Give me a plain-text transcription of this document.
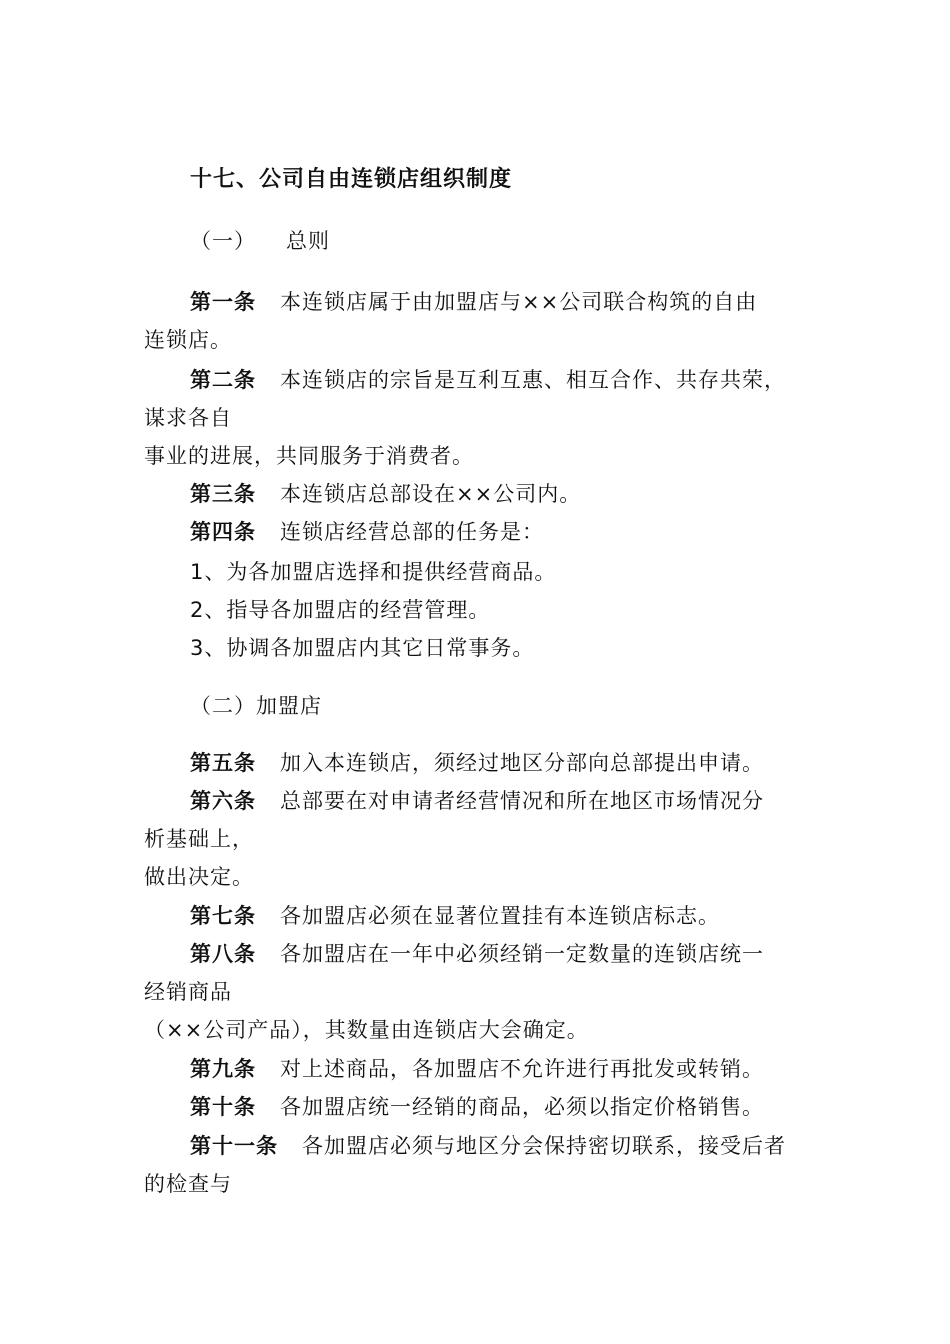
十七、公司自由连锁店组织制度
（一） 总则
第一条 本连锁店属于由加盟店与××公司联合构筑的自由
连锁店。
第二条 本连锁店的宗旨是互利互惠、相互合作、共存共荣，
谋求各自
事业的进展，共同服务于消费者。
第三条 本连锁店总部设在××公司内。
第四条 连锁店经营总部的任务是：
1、为各加盟店选择和提供经营商品。
2、指导各加盟店的经营管理。
3、协调各加盟店内其它日常事务。
（二）加盟店
第五条 加入本连锁店，须经过地区分部向总部提出申请。
第六条 总部要在对申请者经营情况和所在地区市场情况分
析基础上，
做出决定。
第七条 各加盟店必须在显著位置挂有本连锁店标志。
第八条 各加盟店在一年中必须经销一定数量的连锁店统一
经销商品
（××公司产品），其数量由连锁店大会确定。
第九条 对上述商品，各加盟店不允许进行再批发或转销。
第十条 各加盟店统一经销的商品，必须以指定价格销售。
第十一条 各加盟店必须与地区分会保持密切联系，接受后者
的检查与
